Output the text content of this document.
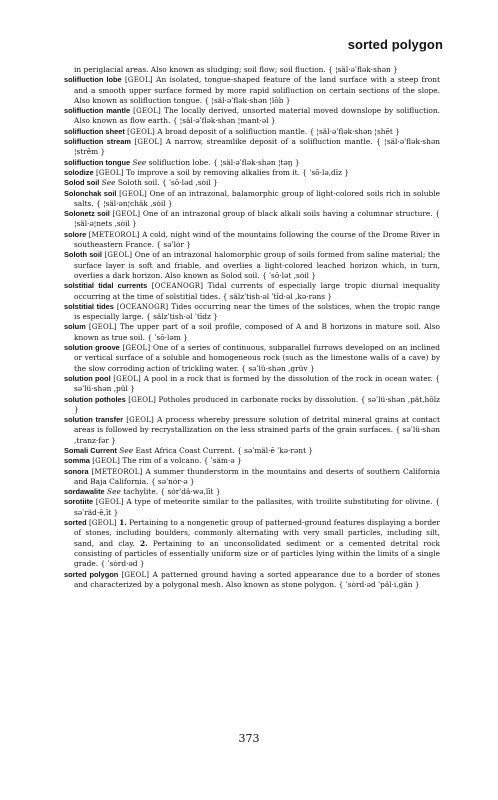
sorted polygon

in periglacial areas. Also known as sludging; soil flow; soil fluction. { ¦säl·əˈflək·shən }

solifluction lobe [GEOL] An isolated, tongue-shaped feature of the land surface with a steep front and a smooth upper surface formed by more rapid solifluction on certain sections of the slope. Also known as solifluction tongue. { ¦säl·əˈflək·shən ¦lōb }

solifluction mantle [GEOL] The locally derived, unsorted material moved downslope by solifluction. Also known as flow earth. { ¦säl·əˈflək·shən ¦mant·əl }

solifluction sheet [GEOL] A broad deposit of a solifluction mantle. { ¦säl·əˈflək·shən ¦shēt }

solifluction stream [GEOL] A narrow, streamlike deposit of a solifluction mantle. { ¦säl·əˈflək·shən ¦strēm }

solifluction tongue See solifluction lobe. { ¦säl·əˈflək·shən ¦təŋ }

solodize [GEOL] To improve a soil by removing alkalies from it. { ˈsō·lə,dīz }

Solod soil See Soloth soil. { ˈsō·ləd ,sȯil }

Solonchak soil [GEOL] One of an intrazonal, balamorphic group of light-colored soils rich in soluble salts. { ¦säl·ən¦chäk ,sȯil }

Solonetz soil [GEOL] One of an intrazonal group of black alkali soils having a columnar structure. { ¦säl·ə¦nets ,sȯil }

solore [METEOROL] A cold, night wind of the mountains following the course of the Drome River in southeastern France. { səˈlȯr }

Soloth soil [GEOL] One of an intrazonal halomorphic group of soils formed from saline material; the surface layer is soft and friable, and overlies a light-colored leached horizon which, in turn, overlies a dark horizon. Also known as Solod soil. { ˈsō·lət ,sȯil }

solstitial tidal currents [OCEANOGR] Tidal currents of especially large tropic diurnal inequality occurring at the time of solstitial tides. { sälzˈtish·əl ˈtīd·əl ,kə·rəns }

solstitial tides [OCEANOGR] Tides occurring near the times of the solstices, when the tropic range is especially large. { sälzˈtish·əl ˈtīdz }

solum [GEOL] The upper part of a soil profile, composed of A and B horizons in mature soil. Also known as true soil. { ˈsō·ləm }

solution groove [GEOL] One of a series of continuous, subparallel furrows developed on an inclined or vertical surface of a soluble and homogeneous rock (such as the limestone walls of a cave) by the slow corroding action of trickling water. { səˈlü·shən ,grüv }

solution pool [GEOL] A pool in a rock that is formed by the dissolution of the rock in ocean water. { səˈlü·shən ,pül }

solution potholes [GEOL] Potholes produced in carbonate rocks by dissolution. { səˈlü·shən ,pät,hōlz }

solution transfer [GEOL] A process whereby pressure solution of detrital mineral grains at contact areas is followed by recrystallization on the less strained parts of the grain surfaces. { səˈlü·shən ,tranz·fər }

Somali Current See East Africa Coast Current. { səˈmäl·ē ˈkə·rənt }

somma [GEOL] The rim of a volcano. { ˈsäm·ə }

sonora [METEOROL] A summer thunderstorm in the mountains and deserts of southern California and Baja California. { səˈnȯr·ə }

sordawalite See tachylite. { sȯrˈdä·wə,līt }

sorotiite [GEOL] A type of meteorite similar to the pallasites, with troilite substituting for olivine. { səˈräd·ē,īt }

sorted [GEOL] 1. Pertaining to a nongenetic group of patterned-ground features displaying a border of stones, including boulders, commonly alternating with very small particles, including silt, sand, and clay. 2. Pertaining to an unconsolidated sediment or a cemented detrital rock consisting of particles of essentially uniform size or of particles lying within the limits of a single grade. { ˈsȯrd·əd }

sorted polygon [GEOL] A patterned ground having a sorted appearance due to a border of stones and characterized by a polygonal mesh. Also known as stone polygon. { ˈsȯrd·əd ˈpäl·i,gän }

373
